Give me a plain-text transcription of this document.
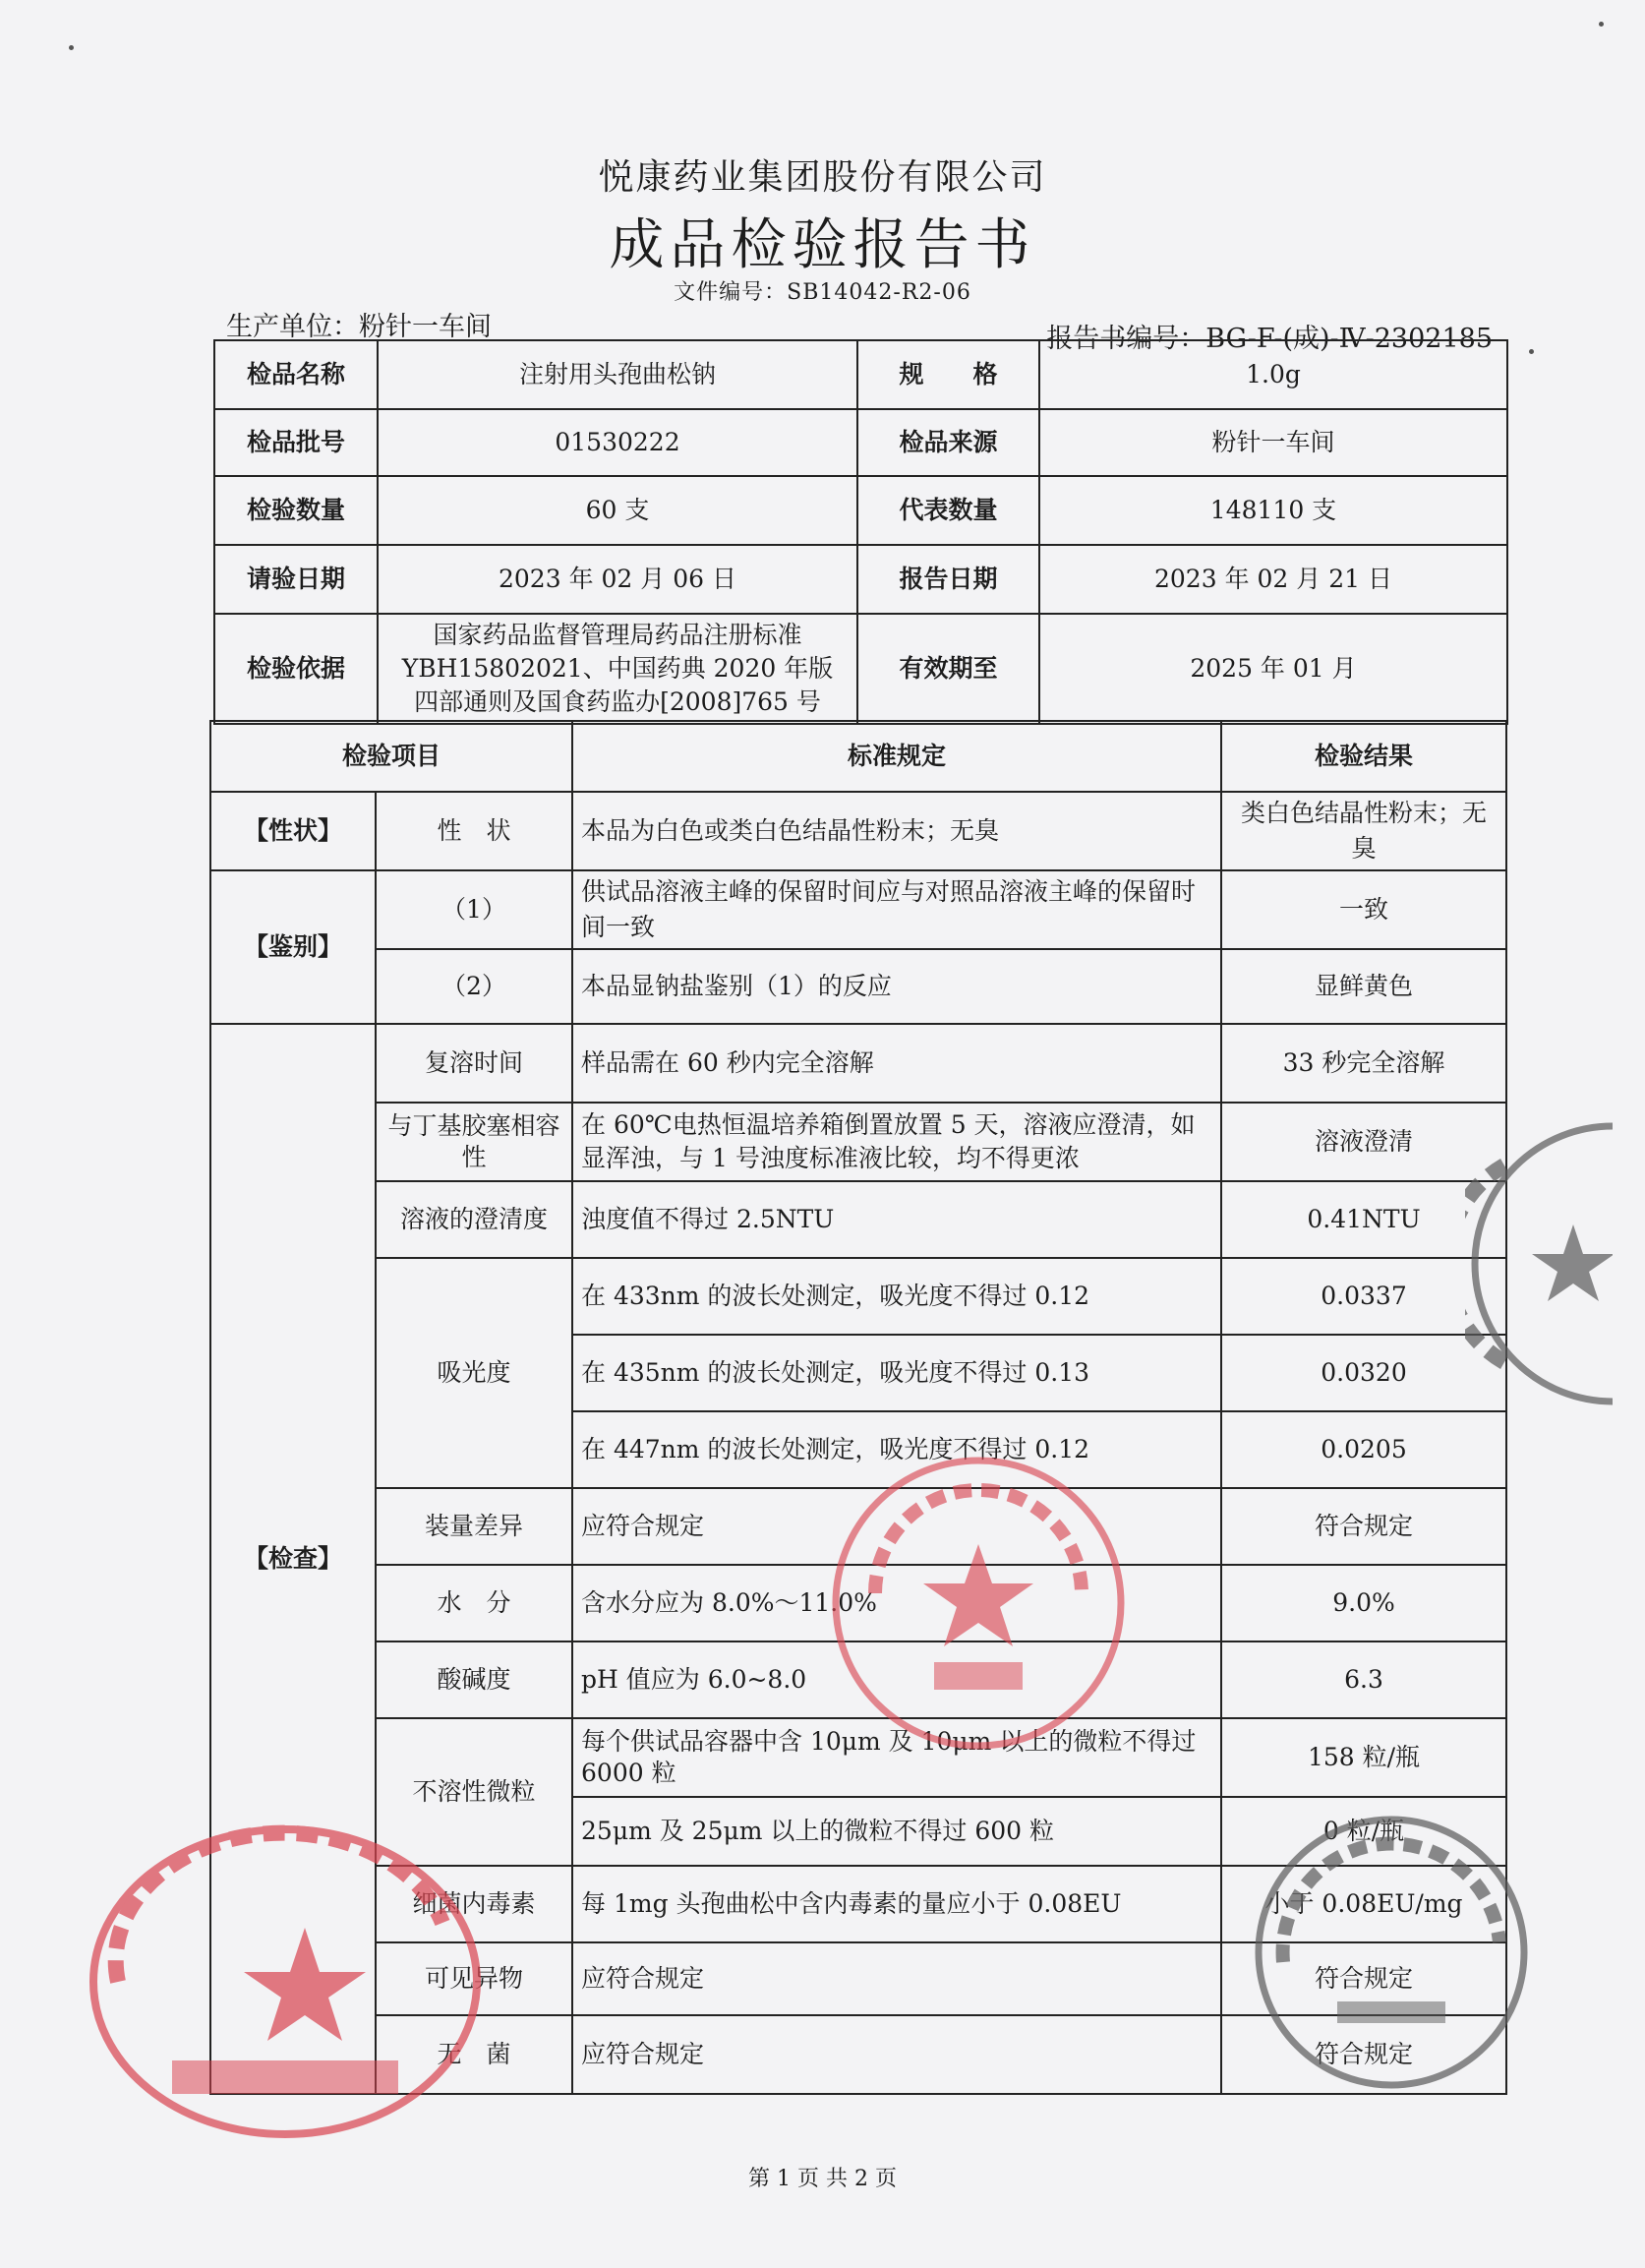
悦康药业集团股份有限公司
成品检验报告书
文件编号：SB14042-R2-06
生产单位：粉针一车间	报告书编号：BG-F-(成)-Ⅳ-2302185
检品名称	注射用头孢曲松钠	规　　格	1.0g
检品批号	01530222	检品来源	粉针一车间
检验数量	60 支	代表数量	148110 支
请验日期	2023 年 02 月 06 日	报告日期	2023 年 02 月 21 日
检验依据	国家药品监督管理局药品注册标准YBH15802021、中国药典 2020 年版四部通则及国食药监办[2008]765 号	有效期至	2025 年 01 月
检验项目		标准规定	检验结果
【性状】	性　状	本品为白色或类白色结晶性粉末；无臭	类白色结晶性粉末；无臭
【鉴别】	（1）	供试品溶液主峰的保留时间应与对照品溶液主峰的保留时间一致	一致
	（2）	本品显钠盐鉴别（1）的反应	显鲜黄色
【检查】	复溶时间	样品需在 60 秒内完全溶解	33 秒完全溶解
	与丁基胶塞相容性	在 60℃电热恒温培养箱倒置放置 5 天，溶液应澄清，如显浑浊，与 1 号浊度标准液比较，均不得更浓	溶液澄清
	溶液的澄清度	浊度值不得过 2.5NTU	0.41NTU
	吸光度	在 433nm 的波长处测定，吸光度不得过 0.12	0.0337
		在 435nm 的波长处测定，吸光度不得过 0.13	0.0320
		在 447nm 的波长处测定，吸光度不得过 0.12	0.0205
	装量差异	应符合规定	符合规定
	水　分	含水分应为 8.0%～11.0%	9.0%
	酸碱度	pH 值应为 6.0~8.0	6.3
	不溶性微粒	每个供试品容器中含 10μm 及 10μm 以上的微粒不得过 6000 粒	158 粒/瓶
		25μm 及 25μm 以上的微粒不得过 600 粒	0 粒/瓶
	细菌内毒素	每 1mg 头孢曲松中含内毒素的量应小于 0.08EU	小于 0.08EU/mg
	可见异物	应符合规定	符合规定
	无　菌	应符合规定	符合规定
第 1 页 共 2 页
